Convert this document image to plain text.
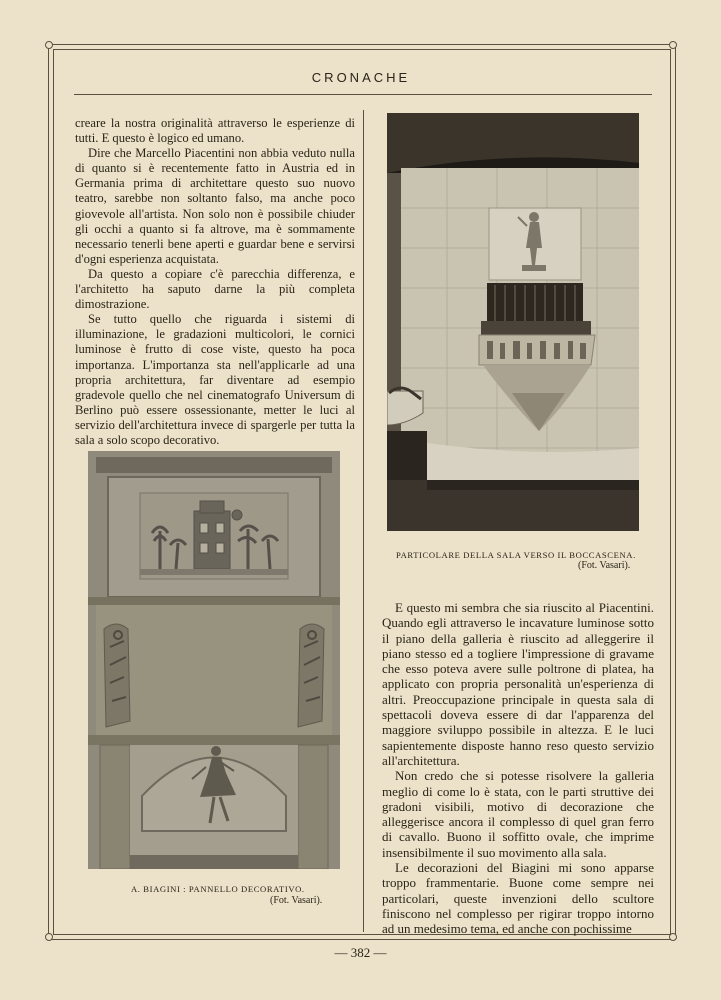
CRONACHE

creare la nostra originalità attraverso le esperienze di tutti. E questo è logico ed umano.

Dire che Marcello Piacentini non abbia veduto nulla di quanto si è recentemente fatto in Austria ed in Germania prima di architettare questo suo nuovo teatro, sarebbe non soltanto falso, ma anche poco giovevole all'artista. Non solo non è possibile chiuder gli occhi a quanto si fa altrove, ma è sommamente necessario tenerli bene aperti e guardar bene e servirsi d'ogni esperienza acquistata.

Da questo a copiare c'è parecchia differenza, e l'architetto ha saputo darne la più completa dimostrazione.

Se tutto quello che riguarda i sistemi di illuminazione, le gradazioni multicolori, le cornici luminose è frutto di cose viste, questo ha poca importanza. L'importanza sta nell'applicarle ad una propria architettura, far diventare ad esempio gradevole quello che nel cinematografo Universum di Berlino può essere ossessionante, metter le luci al servizio dell'architettura invece di spargerle per tutta la sala a solo scopo decorativo.

PARTICOLARE DELLA SALA VERSO IL BOCCASCENA.
(Fot. Vasari).
A. BIAGINI : PANNELLO DECORATIVO.
(Fot. Vasari).

E questo mi sembra che sia riuscito al Piacentini. Quando egli attraverso le incavature luminose sotto il piano della galleria è riuscito ad alleggerire il piano stesso ed a togliere l'impressione di gravame che esso poteva avere sulle poltrone di platea, ha applicato con propria personalità un'esperienza di altri. Preoccupazione principale in questa sala di spettacoli doveva essere di dar l'apparenza del maggiore sviluppo possibile in altezza. E le luci sapientemente disposte hanno reso questo servizio all'architettura.

Non credo che si potesse risolvere la galleria meglio di come lo è stata, con le parti struttive dei gradoni visibili, motivo di decorazione che alleggerisce ancora il complesso di quel gran ferro di cavallo. Buono il soffitto ovale, che imprime insensibilmente il suo movimento alla sala.

Le decorazioni del Biagini mi sono apparse troppo frammentarie. Buone come sempre nei particolari, queste invenzioni dello scultore finiscono nel complesso per rigirar troppo intorno ad un medesimo tema, ed anche con pochissime

— 382 —
